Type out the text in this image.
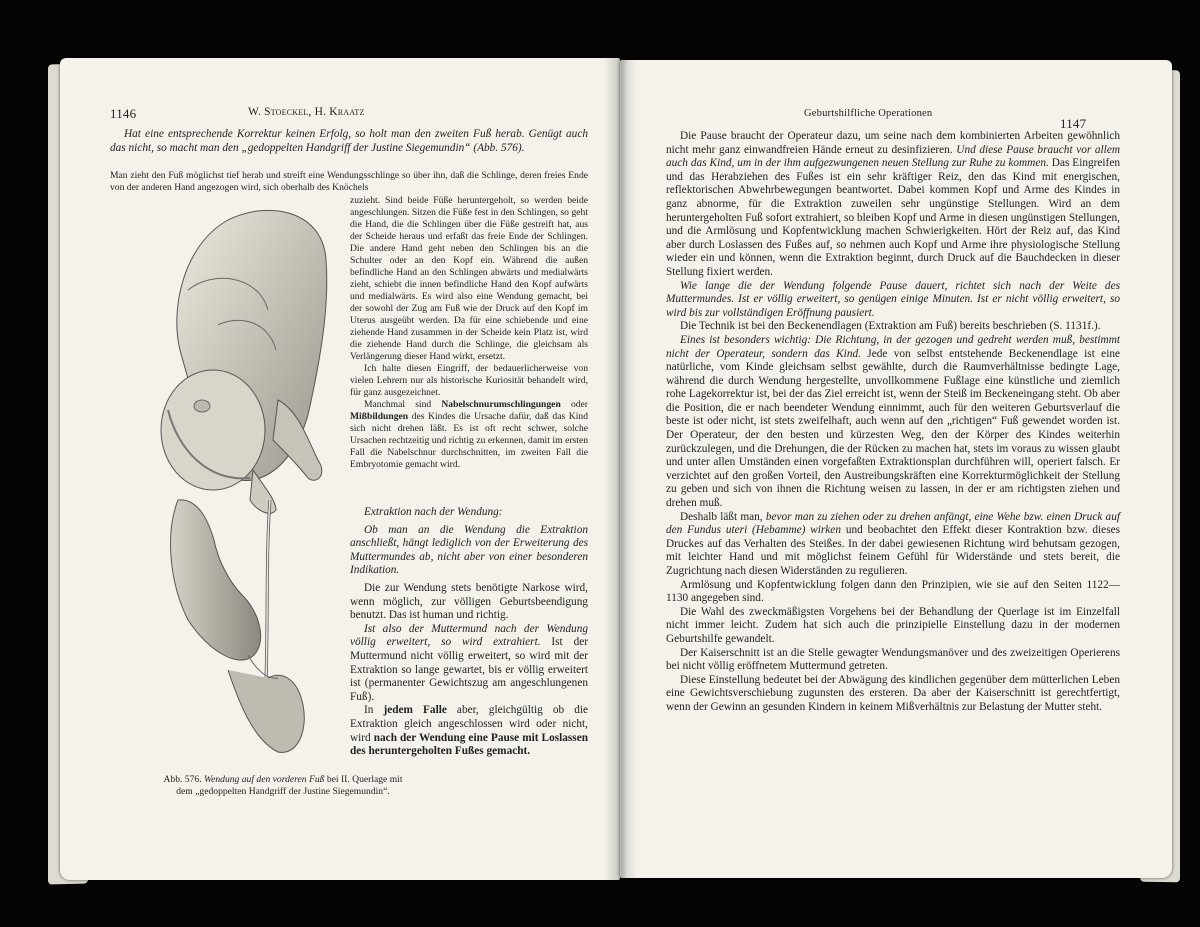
1146	W. Stoeckel, H. Kraatz

Hat eine entsprechende Korrektur keinen Erfolg, so holt man den zweiten Fuß herab. Genügt auch das nicht, so macht man den „gedoppelten Handgriff der Justine Siegemundin“ (Abb. 576).

Man zieht den Fuß möglichst tief herab und streift eine Wendungsschlinge so über ihn, daß die Schlinge, deren freies Ende von der anderen Hand angezogen wird, sich oberhalb des Knöchels

zuzieht. Sind beide Füße heruntergeholt, so werden beide angeschlungen. Sitzen die Füße fest in den Schlingen, so geht die Hand, die die Schlingen über die Füße gestreift hat, aus der Scheide heraus und erfaßt das freie Ende der Schlingen. Die andere Hand geht neben den Schlingen bis an die Schulter oder an den Kopf ein. Während die außen befindliche Hand an den Schlingen abwärts und medialwärts zieht, schiebt die innen befindliche Hand den Kopf aufwärts und medialwärts. Es wird also eine Wendung gemacht, bei der sowohl der Zug am Fuß wie der Druck auf den Kopf im Uterus ausgeübt werden. Da für eine schiebende und eine ziehende Hand zusammen in der Scheide kein Platz ist, wird die ziehende Hand durch die Schlinge, die gleichsam als Verlängerung dieser Hand wirkt, ersetzt.

Ich halte diesen Eingriff, der bedauerlicherweise von vielen Lehrern nur als historische Kuriosität behandelt wird, für ganz ausgezeichnet.

Manchmal sind Nabelschnurumschlingungen oder Mißbildungen des Kindes die Ursache dafür, daß das Kind sich nicht drehen läßt. Es ist oft recht schwer, solche Ursachen rechtzeitig und richtig zu erkennen, damit im ersten Fall die Nabelschnur durchschnitten, im zweiten Fall die Embryotomie gemacht wird.

Extraktion nach der Wendung:

Ob man an die Wendung die Extraktion anschließt, hängt lediglich von der Erweiterung des Muttermundes ab, nicht aber von einer besonderen Indikation.

Die zur Wendung stets benötigte Narkose wird, wenn möglich, zur völligen Geburtsbeendigung benutzt. Das ist human und richtig.

Ist also der Muttermund nach der Wendung völlig erweitert, so wird extrahiert. Ist der Muttermund nicht völlig erweitert, so wird mit der Extraktion so lange gewartet, bis er völlig erweitert ist (permanenter Gewichtszug am angeschlungenen Fuß).

In jedem Falle aber, gleichgültig ob die Extraktion gleich angeschlossen wird oder nicht, wird nach der Wendung eine Pause mit Loslassen des heruntergeholten Fußes gemacht.

Abb. 576. Wendung auf den vorderen Fuß bei II. Querlage mit dem „gedoppelten Handgriff der Justine Siegemundin“.
Geburtshilfliche Operationen
1147

Die Pause braucht der Operateur dazu, um seine nach dem kombinierten Arbeiten gewöhnlich nicht mehr ganz einwandfreien Hände erneut zu desinfizieren. Und diese Pause braucht vor allem auch das Kind, um in der ihm aufgezwungenen neuen Stellung zur Ruhe zu kommen. Das Eingreifen und das Herabziehen des Fußes ist ein sehr kräftiger Reiz, den das Kind mit energischen, reflektorischen Abwehrbewegungen beantwortet. Dabei kommen Kopf und Arme des Kindes in ganz abnorme, für die Extraktion zuweilen sehr ungünstige Stellungen. Wird an dem heruntergeholten Fuß sofort extrahiert, so bleiben Kopf und Arme in diesen ungünstigen Stellungen, und die Armlösung und Kopfentwicklung machen Schwierigkeiten. Hört der Reiz auf, das Kind aber durch Loslassen des Fußes auf, so nehmen auch Kopf und Arme ihre physiologische Stellung wieder ein und können, wenn die Extraktion beginnt, durch Druck auf die Bauchdecken in dieser Stellung fixiert werden.

Wie lange die der Wendung folgende Pause dauert, richtet sich nach der Weite des Muttermundes. Ist er völlig erweitert, so genügen einige Minuten. Ist er nicht völlig erweitert, so wird bis zur vollständigen Eröffnung pausiert.

Die Technik ist bei den Beckenendlagen (Extraktion am Fuß) bereits beschrieben (S. 1131f.).

Eines ist besonders wichtig: Die Richtung, in der gezogen und gedreht werden muß, bestimmt nicht der Operateur, sondern das Kind. Jede von selbst entstehende Beckenendlage ist eine natürliche, vom Kinde gleichsam selbst gewählte, durch die Raumverhältnisse bedingte Lage, während die durch Wendung hergestellte, unvollkommene Fußlage eine künstliche und ziemlich rohe Lagekorrektur ist, bei der das Ziel erreicht ist, wenn der Steiß im Beckeneingang steht. Ob aber die Position, die er nach beendeter Wendung einnimmt, auch für den weiteren Geburtsverlauf die beste ist oder nicht, ist stets zweifelhaft, auch wenn auf den „richtigen“ Fuß gewendet worden ist. Der Operateur, der den besten und kürzesten Weg, den der Körper des Kindes weiterhin zurückzulegen, und die Drehungen, die der Rücken zu machen hat, stets im voraus zu wissen glaubt und unter allen Umständen einen vorgefaßten Extraktionsplan durchführen will, operiert falsch. Er verzichtet auf den großen Vorteil, den Austreibungskräften eine Korrekturmöglichkeit der Stellung zu geben und sich von ihnen die Richtung weisen zu lassen, in der er am richtigsten ziehen und drehen muß.

Deshalb läßt man, bevor man zu ziehen oder zu drehen anfängt, eine Wehe bzw. einen Druck auf den Fundus uteri (Hebamme) wirken und beobachtet den Effekt dieser Kontraktion bzw. dieses Druckes auf das Verhalten des Steißes. In der dabei gewiesenen Richtung wird behutsam gezogen, mit leichter Hand und mit möglichst feinem Gefühl für Widerstände und stets bereit, die Zugrichtung nach diesen Widerständen zu regulieren.

Armlösung und Kopfentwicklung folgen dann den Prinzipien, wie sie auf den Seiten 1122—1130 angegeben sind.

Die Wahl des zweckmäßigsten Vorgehens bei der Behandlung der Querlage ist im Einzelfall nicht immer leicht. Zudem hat sich auch die prinzipielle Einstellung dazu in der modernen Geburtshilfe gewandelt.

Der Kaiserschnitt ist an die Stelle gewagter Wendungsmanöver und des zweizeitigen Operierens bei nicht völlig eröffnetem Muttermund getreten.

Diese Einstellung bedeutet bei der Abwägung des kindlichen gegenüber dem mütterlichen Leben eine Gewichtsverschiebung zugunsten des ersteren. Da aber der Kaiserschnitt ist gerechtfertigt, wenn der Gewinn an gesunden Kindern in keinem Mißverhältnis zur Belastung der Mutter steht.
